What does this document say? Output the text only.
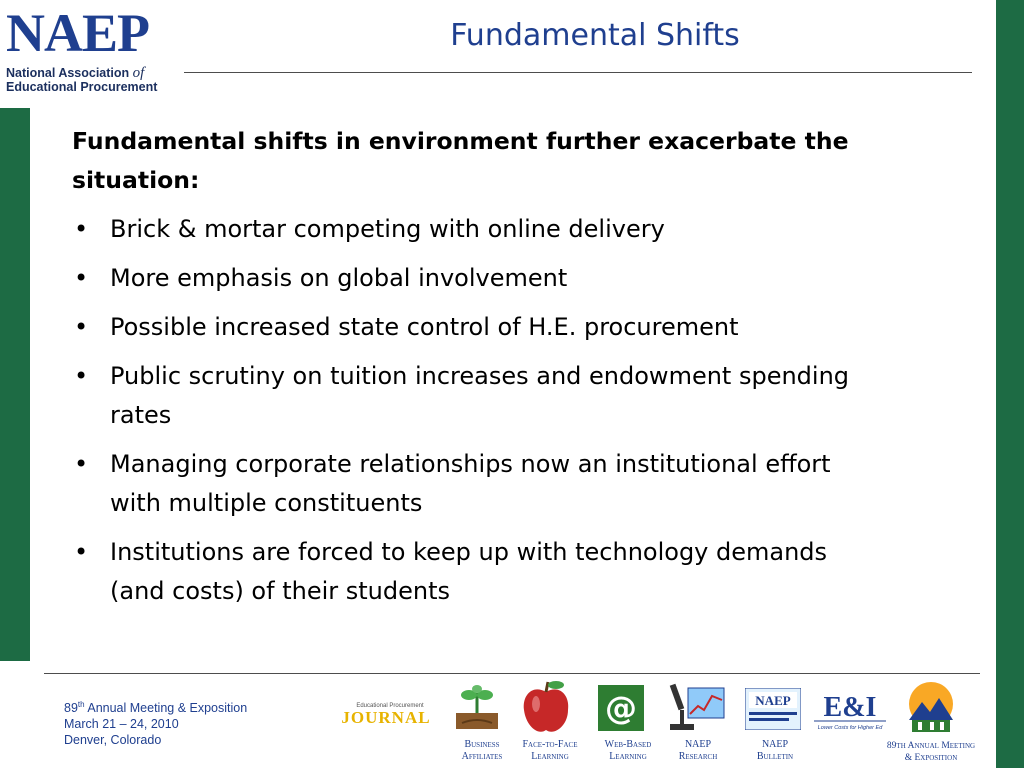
NAEP
National Association of
Educational Procurement
Fundamental Shifts

Fundamental shifts in environment further exacerbate the situation:

• Brick & mortar competing with online delivery
• More emphasis on global involvement
• Possible increased state control of H.E. procurement
• Public scrutiny on tuition increases and endowment spending rates
• Managing corporate relationships now an institutional effort with multiple constituents
• Institutions are forced to keep up with technology demands (and costs) of their students
89th Annual Meeting & Exposition
March 21 – 24, 2010
Denver, Colorado
Educational Procurement
JOURNAL
Business
Affiliates
Face-to-Face
Learning
@
Web-Based
Learning
NAEP
Research
NAEP
NAEP
Bulletin
E&I
Lower Costs for Higher Ed
89th Annual Meeting
& Exposition
